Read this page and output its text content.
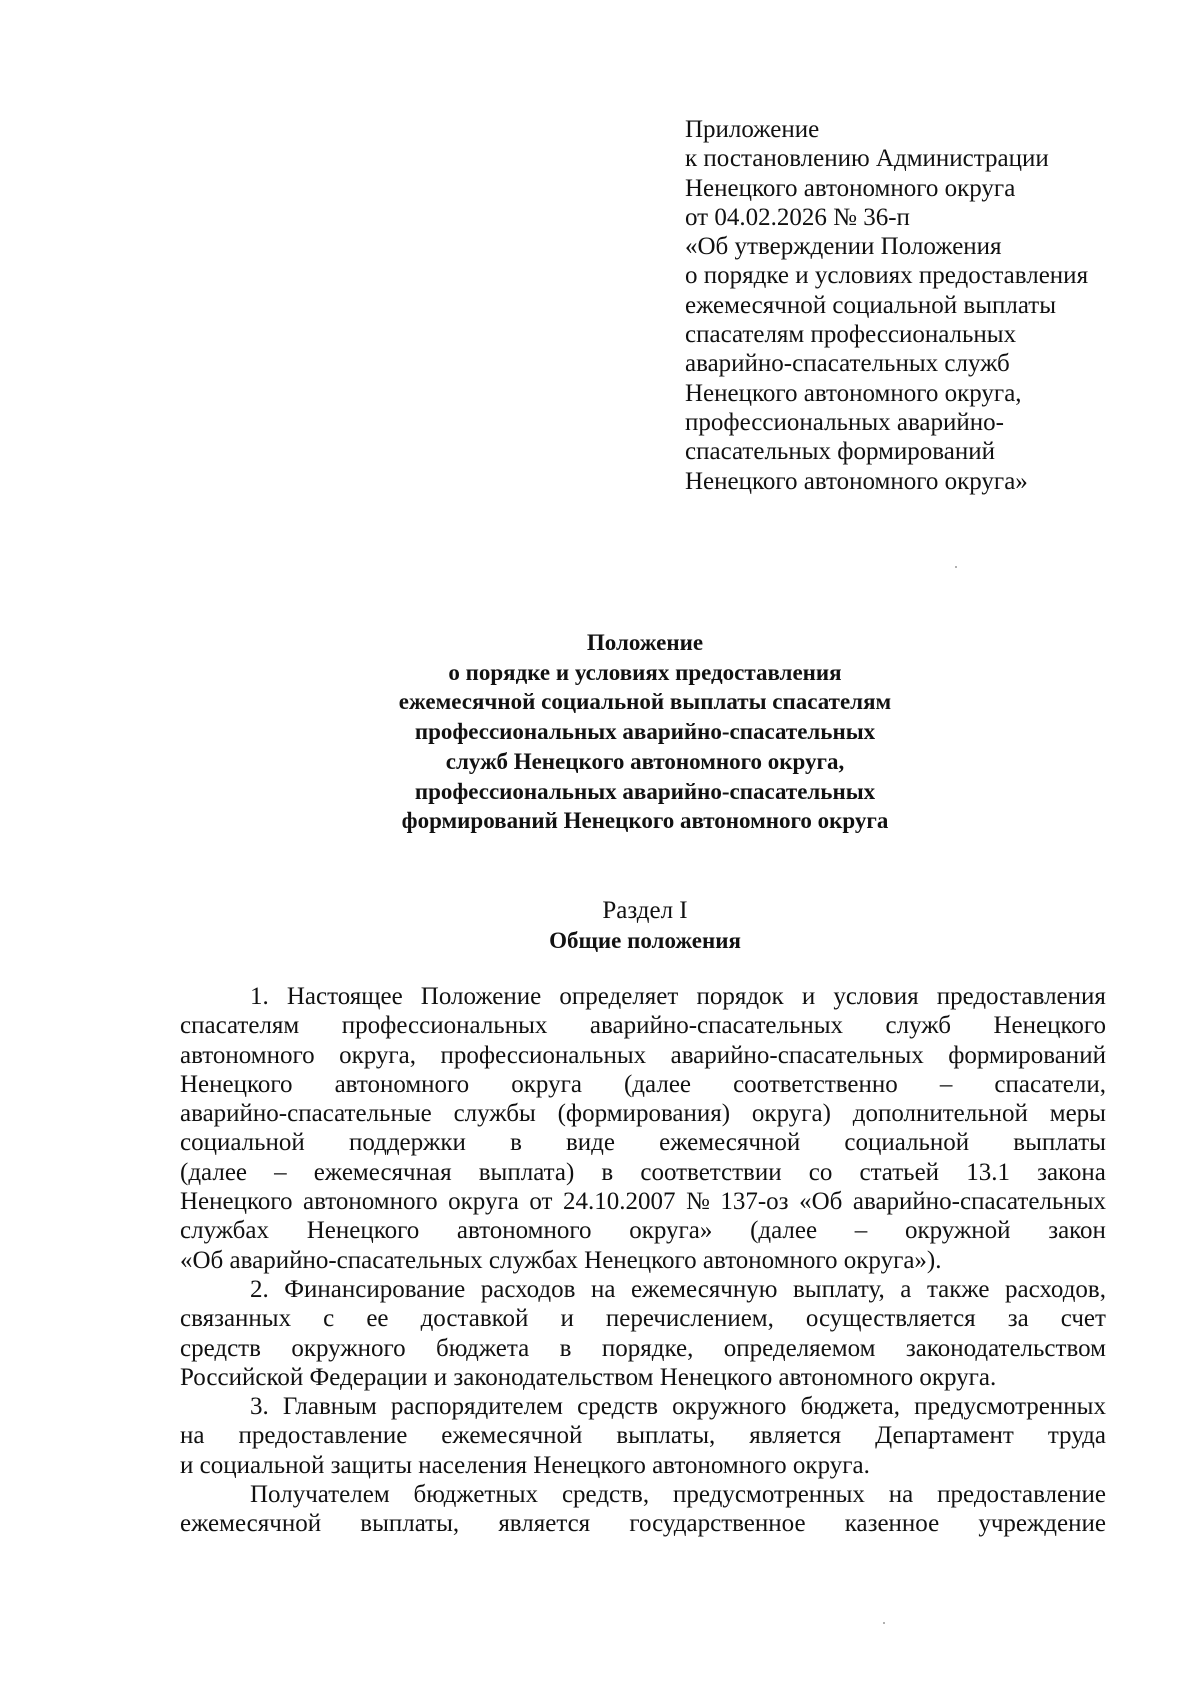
Приложение
к постановлению Администрации
Ненецкого автономного округа
от 04.02.2026 № 36-п
«Об утверждении Положения
о порядке и условиях предоставления
ежемесячной социальной выплаты
спасателям профессиональных
аварийно-спасательных служб
Ненецкого автономного округа,
профессиональных аварийно-
спасательных формирований
Ненецкого автономного округа»
Положение
о порядке и условиях предоставления
ежемесячной социальной выплаты спасателям
профессиональных аварийно-спасательных
служб Ненецкого автономного округа,
профессиональных аварийно-спасательных
формирований Ненецкого автономного округа
Раздел I
Общие положения
1. Настоящее Положение определяет порядок и условия предоставления
спасателям профессиональных аварийно-спасательных служб Ненецкого
автономного округа, профессиональных аварийно-спасательных формирований
Ненецкого автономного округа (далее соответственно – спасатели,
аварийно-спасательные службы (формирования) округа) дополнительной меры
социальной поддержки в виде ежемесячной социальной выплаты
(далее – ежемесячная выплата) в соответствии со статьей 13.1 закона
Ненецкого автономного округа от 24.10.2007 № 137-оз «Об аварийно-спасательных
службах Ненецкого автономного округа» (далее – окружной закон
«Об аварийно-спасательных службах Ненецкого автономного округа»).
2. Финансирование расходов на ежемесячную выплату, а также расходов,
связанных с ее доставкой и перечислением, осуществляется за счет
средств окружного бюджета в порядке, определяемом законодательством
Российской Федерации и законодательством Ненецкого автономного округа.
3. Главным распорядителем средств окружного бюджета, предусмотренных
на предоставление ежемесячной выплаты, является Департамент труда
и социальной защиты населения Ненецкого автономного округа.
Получателем бюджетных средств, предусмотренных на предоставление
ежемесячной выплаты, является государственное казенное учреждение
